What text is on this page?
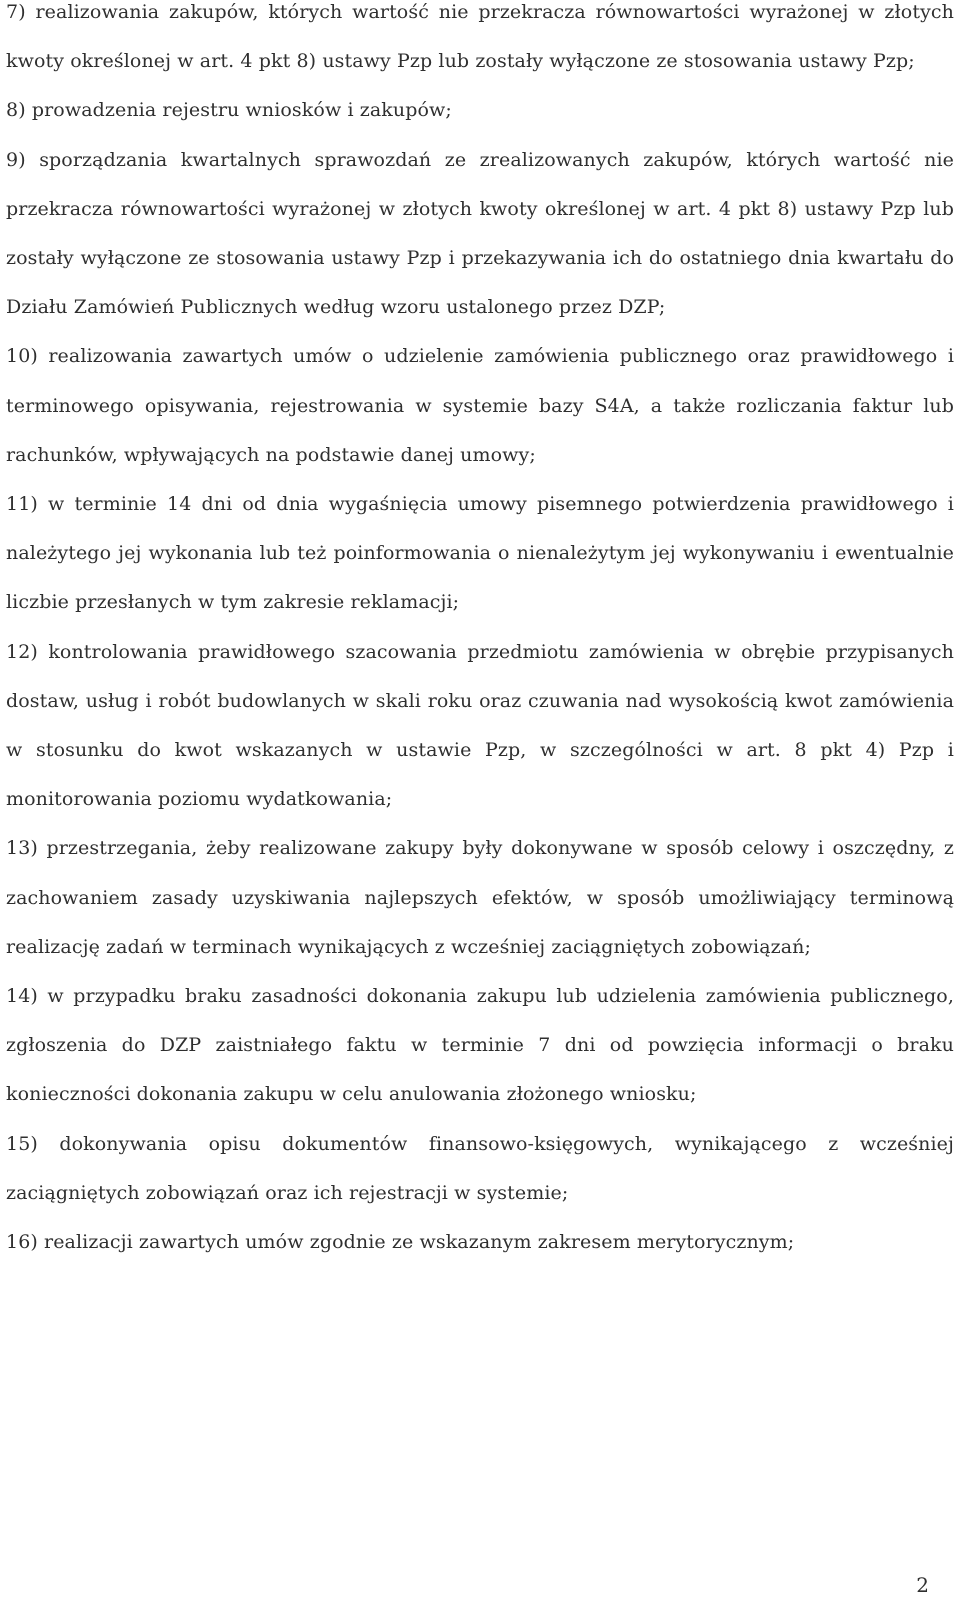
7) realizowania zakupów, których wartość nie przekracza równowartości wyrażonej w złotych kwoty określonej w art. 4 pkt 8) ustawy Pzp lub zostały wyłączone ze stosowania ustawy Pzp;

8) prowadzenia rejestru wniosków i zakupów;

9) sporządzania kwartalnych sprawozdań ze zrealizowanych zakupów, których wartość nie przekracza równowartości wyrażonej w złotych kwoty określonej w art. 4 pkt 8) ustawy Pzp lub zostały wyłączone ze stosowania ustawy Pzp i przekazywania ich do ostatniego dnia kwartału do Działu Zamówień Publicznych według wzoru ustalonego przez DZP;

10) realizowania zawartych umów o udzielenie zamówienia publicznego oraz prawidłowego i terminowego opisywania, rejestrowania w systemie bazy S4A, a także rozliczania faktur lub rachunków, wpływających na podstawie danej umowy;

11) w terminie 14 dni od dnia wygaśnięcia umowy pisemnego potwierdzenia prawidłowego i należytego jej wykonania lub też poinformowania o nienależytym jej wykonywaniu i ewentualnie liczbie przesłanych w tym zakresie reklamacji;

12) kontrolowania prawidłowego szacowania przedmiotu zamówienia w obrębie przypisanych dostaw, usług i robót budowlanych w skali roku oraz czuwania nad wysokością kwot zamówienia w stosunku do kwot wskazanych w ustawie Pzp, w szczególności w art. 8 pkt 4) Pzp i monitorowania poziomu wydatkowania;

13) przestrzegania, żeby realizowane zakupy były dokonywane w sposób celowy i oszczędny, z zachowaniem zasady uzyskiwania najlepszych efektów, w sposób umożliwiający terminową realizację zadań w terminach wynikających z wcześniej zaciągniętych zobowiązań;

14) w przypadku braku zasadności dokonania zakupu lub udzielenia zamówienia publicznego, zgłoszenia do DZP zaistniałego faktu w terminie 7 dni od powzięcia informacji o braku konieczności dokonania zakupu w celu anulowania złożonego wniosku;

15) dokonywania opisu dokumentów finansowo-księgowych, wynikającego z wcześniej zaciągniętych zobowiązań oraz ich rejestracji w systemie;

16) realizacji zawartych umów zgodnie ze wskazanym zakresem merytorycznym;

2
